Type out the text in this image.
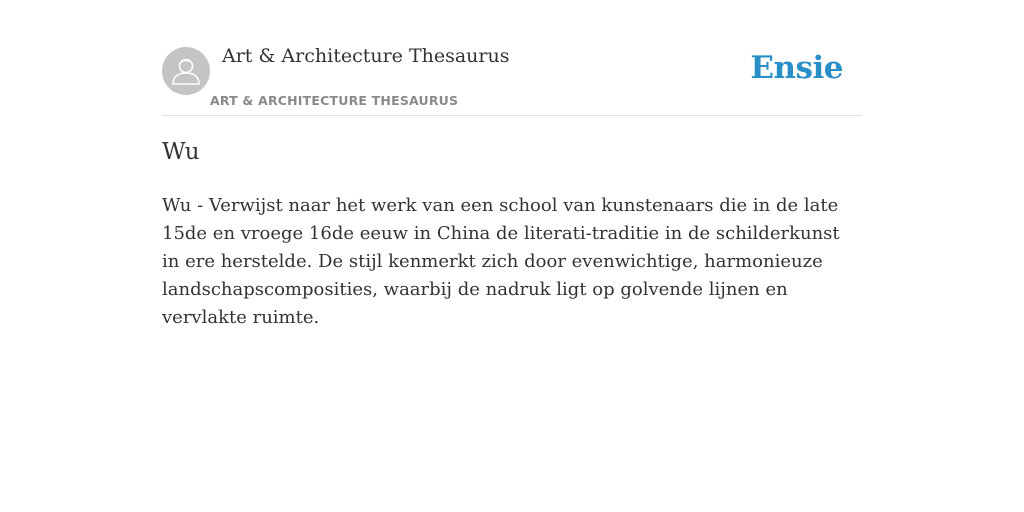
Art & Architecture Thesaurus
ART & ARCHITECTURE THESAURUS
Ensie
Wu

Wu - Verwijst naar het werk van een school van kunstenaars die in de late 15de en vroege 16de eeuw in China de literati-traditie in de schilderkunst in ere herstelde. De stijl kenmerkt zich door evenwichtige, harmonieuze landschapscomposities, waarbij de nadruk ligt op golvende lijnen en vervlakte ruimte.
